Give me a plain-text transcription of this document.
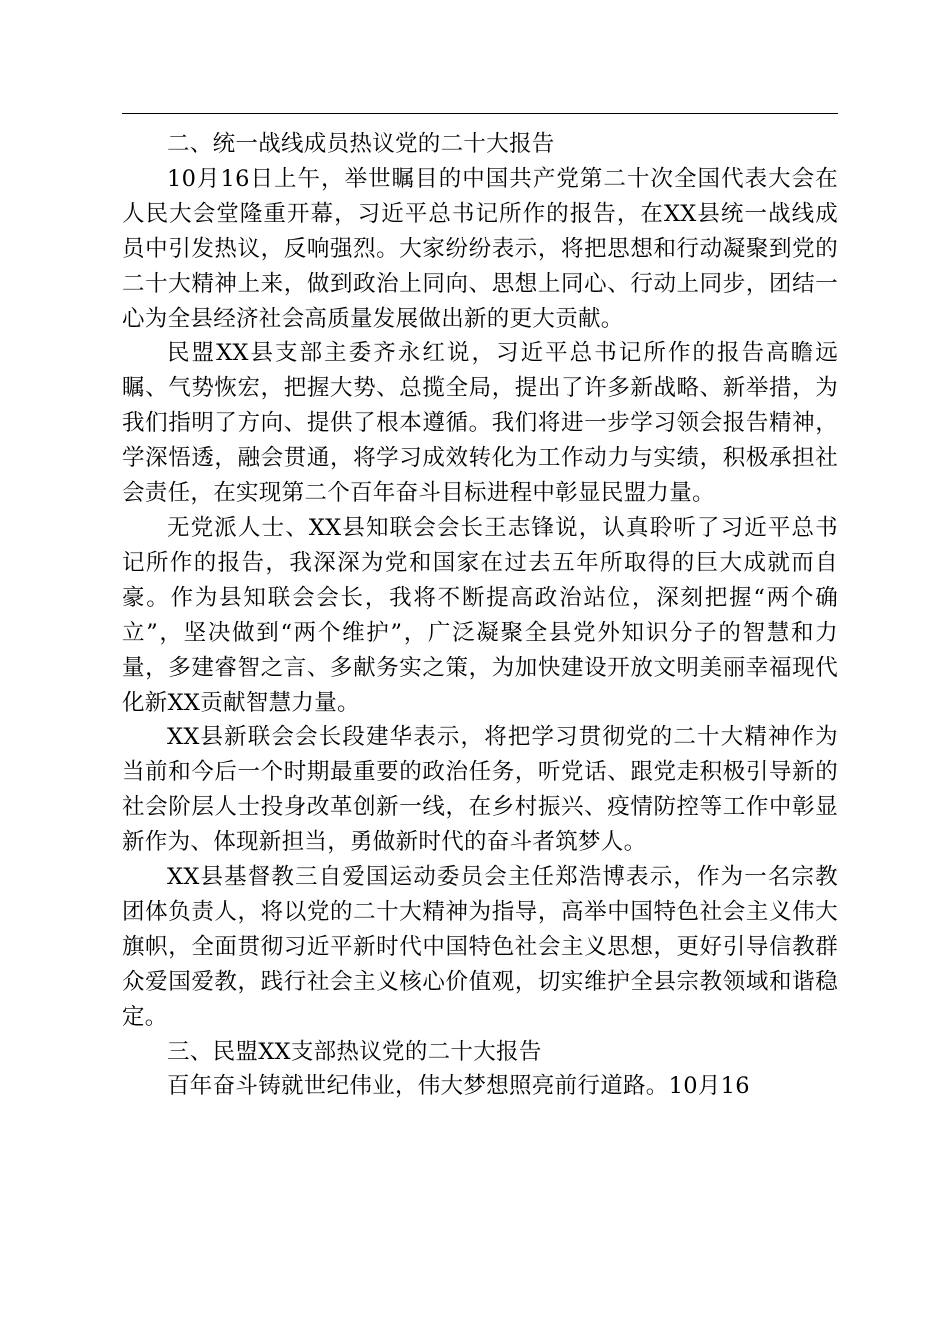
二、统一战线成员热议党的二十大报告

10月16日上午，举世瞩目的中国共产党第二十次全国代表大会在人民大会堂隆重开幕，习近平总书记所作的报告，在XX县统一战线成员中引发热议，反响强烈。大家纷纷表示，将把思想和行动凝聚到党的二十大精神上来，做到政治上同向、思想上同心、行动上同步，团结一心为全县经济社会高质量发展做出新的更大贡献。

民盟XX县支部主委齐永红说，习近平总书记所作的报告高瞻远瞩、气势恢宏，把握大势、总揽全局，提出了许多新战略、新举措，为我们指明了方向、提供了根本遵循。我们将进一步学习领会报告精神，学深悟透，融会贯通，将学习成效转化为工作动力与实绩，积极承担社会责任，在实现第二个百年奋斗目标进程中彰显民盟力量。

无党派人士、XX县知联会会长王志锋说，认真聆听了习近平总书记所作的报告，我深深为党和国家在过去五年所取得的巨大成就而自豪。作为县知联会会长，我将不断提高政治站位，深刻把握“两个确立”，坚决做到“两个维护”，广泛凝聚全县党外知识分子的智慧和力量，多建睿智之言、多献务实之策，为加快建设开放文明美丽幸福现代化新XX贡献智慧力量。

XX县新联会会长段建华表示，将把学习贯彻党的二十大精神作为当前和今后一个时期最重要的政治任务，听党话、跟党走积极引导新的社会阶层人士投身改革创新一线，在乡村振兴、疫情防控等工作中彰显新作为、体现新担当，勇做新时代的奋斗者筑梦人。

XX县基督教三自爱国运动委员会主任郑浩博表示，作为一名宗教团体负责人，将以党的二十大精神为指导，高举中国特色社会主义伟大旗帜，全面贯彻习近平新时代中国特色社会主义思想，更好引导信教群众爱国爱教，践行社会主义核心价值观，切实维护全县宗教领域和谐稳定。

三、民盟XX支部热议党的二十大报告

百年奋斗铸就世纪伟业，伟大梦想照亮前行道路。10月16
